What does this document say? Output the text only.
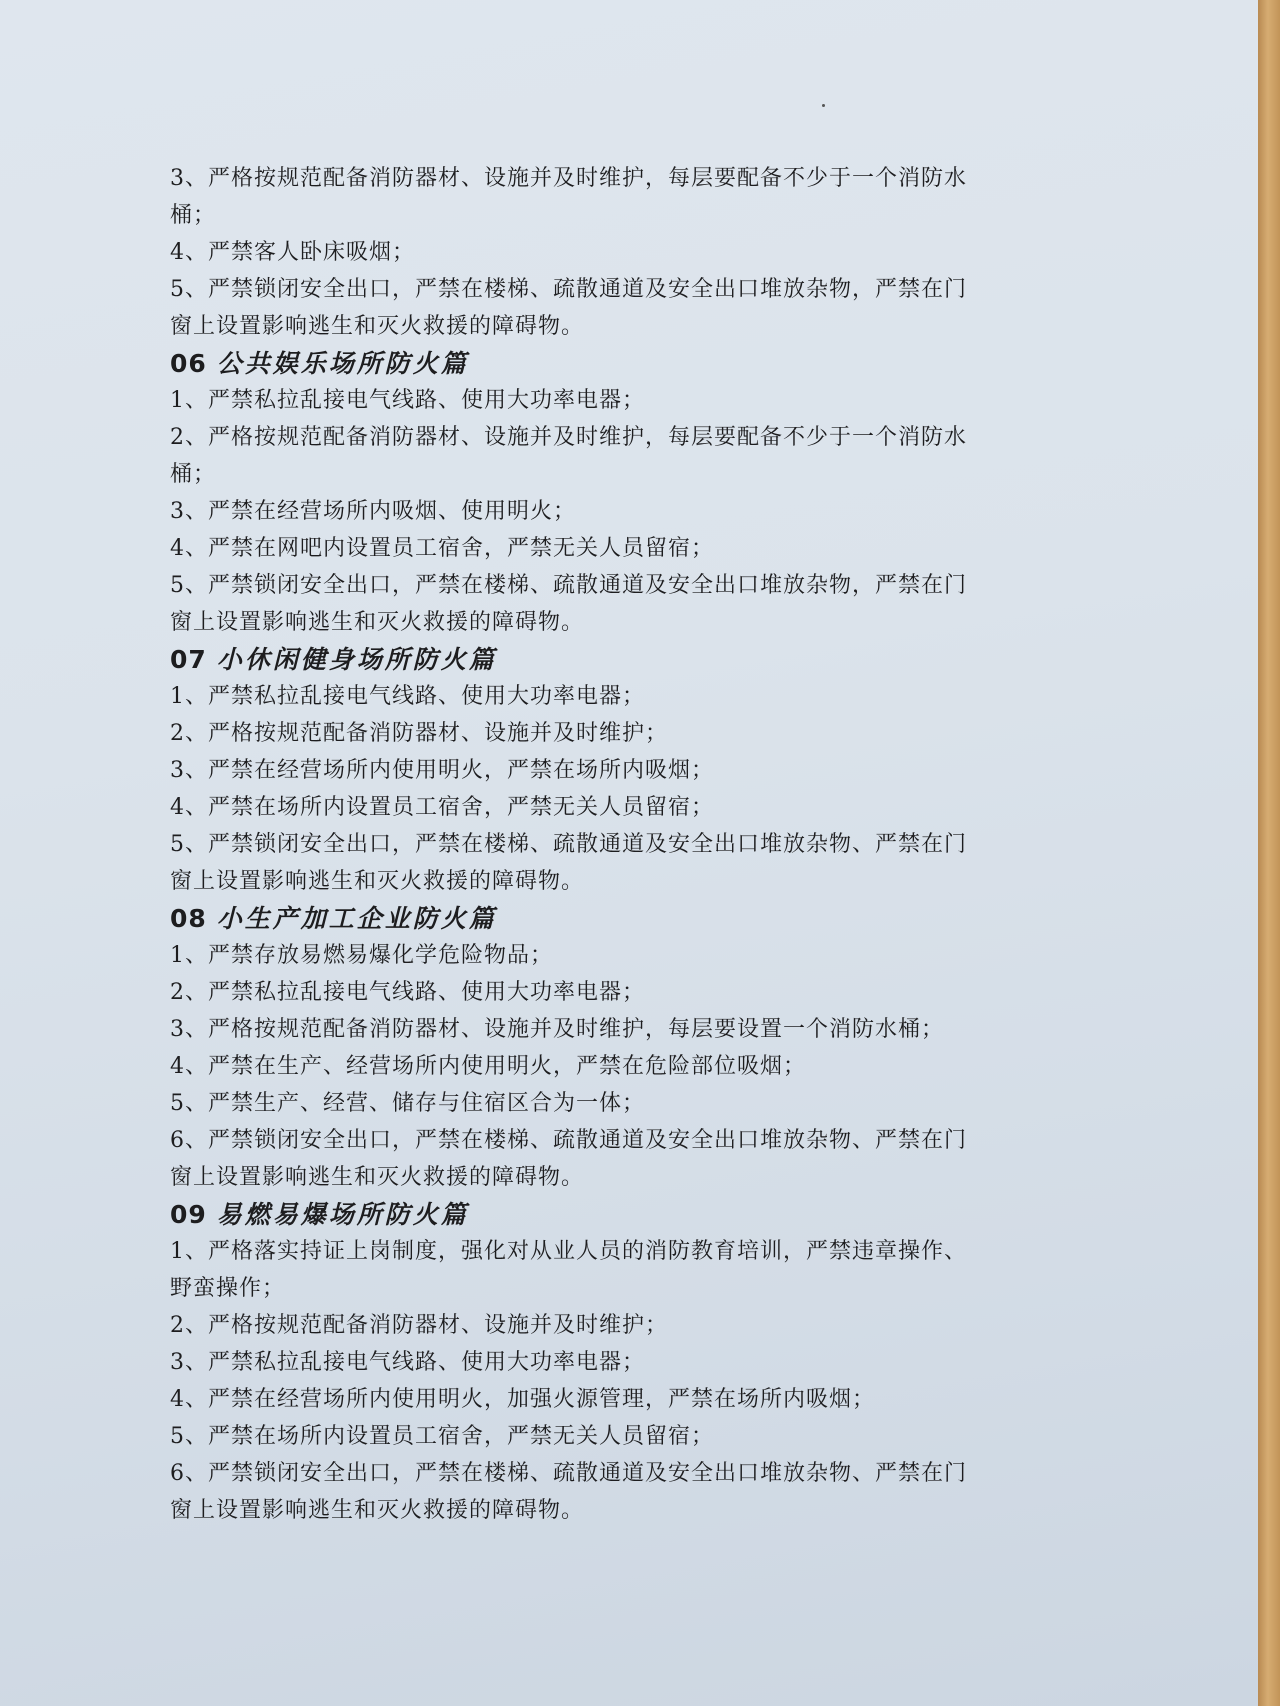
3、严格按规范配备消防器材、设施并及时维护，每层要配备不少于一个消防水
桶；
4、严禁客人卧床吸烟；
5、严禁锁闭安全出口，严禁在楼梯、疏散通道及安全出口堆放杂物，严禁在门
窗上设置影响逃生和灭火救援的障碍物。
06 公共娱乐场所防火篇
1、严禁私拉乱接电气线路、使用大功率电器；
2、严格按规范配备消防器材、设施并及时维护，每层要配备不少于一个消防水
桶；
3、严禁在经营场所内吸烟、使用明火；
4、严禁在网吧内设置员工宿舍，严禁无关人员留宿；
5、严禁锁闭安全出口，严禁在楼梯、疏散通道及安全出口堆放杂物，严禁在门
窗上设置影响逃生和灭火救援的障碍物。
07 小休闲健身场所防火篇
1、严禁私拉乱接电气线路、使用大功率电器；
2、严格按规范配备消防器材、设施并及时维护；
3、严禁在经营场所内使用明火，严禁在场所内吸烟；
4、严禁在场所内设置员工宿舍，严禁无关人员留宿；
5、严禁锁闭安全出口，严禁在楼梯、疏散通道及安全出口堆放杂物、严禁在门
窗上设置影响逃生和灭火救援的障碍物。
08 小生产加工企业防火篇
1、严禁存放易燃易爆化学危险物品；
2、严禁私拉乱接电气线路、使用大功率电器；
3、严格按规范配备消防器材、设施并及时维护，每层要设置一个消防水桶；
4、严禁在生产、经营场所内使用明火，严禁在危险部位吸烟；
5、严禁生产、经营、储存与住宿区合为一体；
6、严禁锁闭安全出口，严禁在楼梯、疏散通道及安全出口堆放杂物、严禁在门
窗上设置影响逃生和灭火救援的障碍物。
09 易燃易爆场所防火篇
1、严格落实持证上岗制度，强化对从业人员的消防教育培训，严禁违章操作、
野蛮操作；
2、严格按规范配备消防器材、设施并及时维护；
3、严禁私拉乱接电气线路、使用大功率电器；
4、严禁在经营场所内使用明火，加强火源管理，严禁在场所内吸烟；
5、严禁在场所内设置员工宿舍，严禁无关人员留宿；
6、严禁锁闭安全出口，严禁在楼梯、疏散通道及安全出口堆放杂物、严禁在门
窗上设置影响逃生和灭火救援的障碍物。
